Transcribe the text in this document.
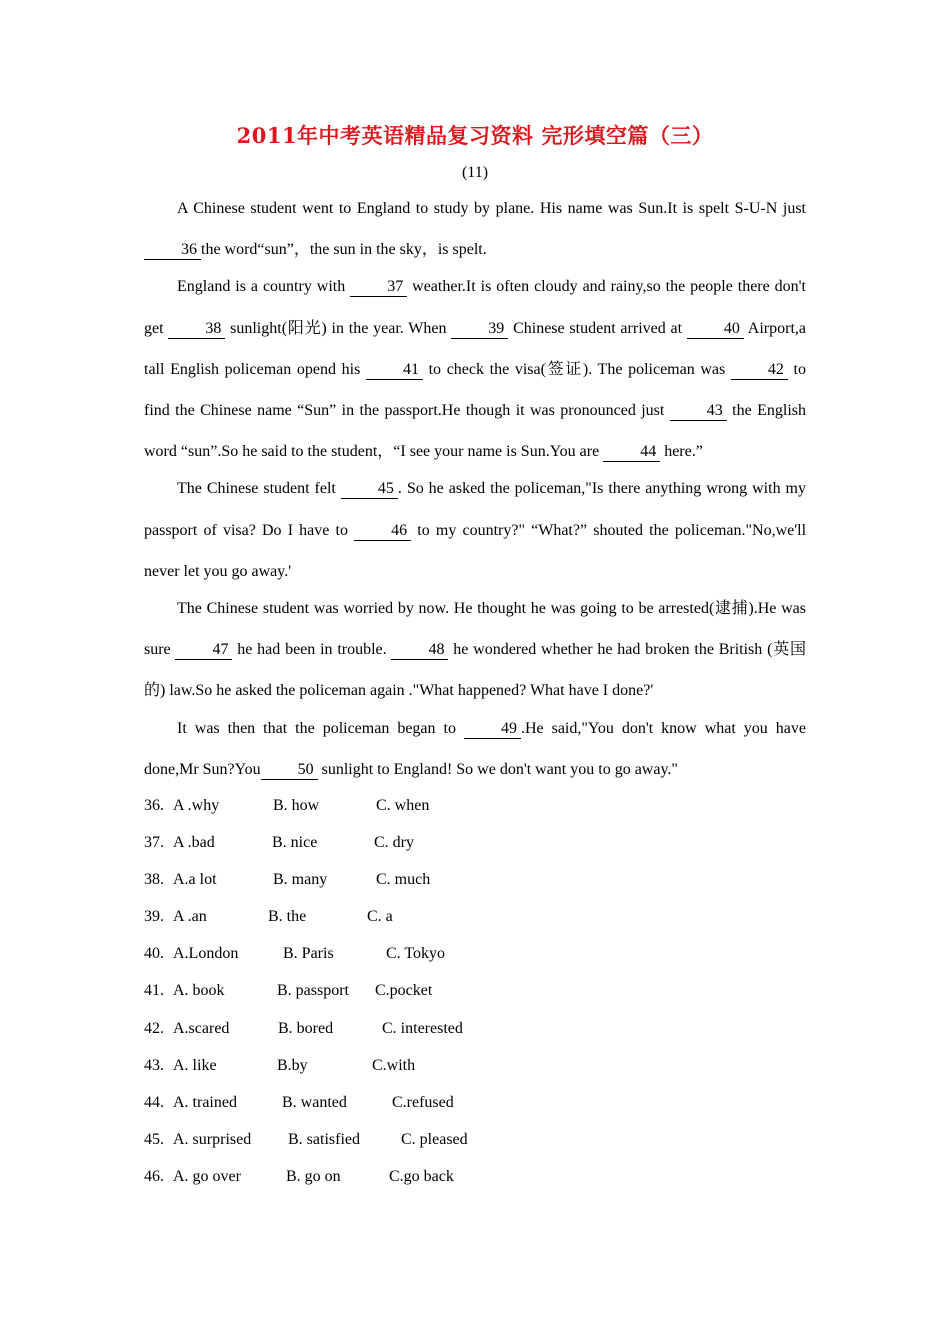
2011年中考英语精品复习资料 完形填空篇（三）
(11)

A Chinese student went to England to study by plane. His name was Sun.It is spelt S-U-N just 36the word“sun”，the sun in the sky，is spelt.

England is a country with 37 weather.It is often cloudy and rainy,so the people there don't get 38 sunlight(阳光) in the year. When 39 Chinese student arrived at 40 Airport,a tall English policeman opend his 41 to check the visa(签证). The policeman was 42 to find the Chinese name “Sun” in the passport.He though it was pronounced just 43 the English word “sun”.So he said to the student，“I see your name is Sun.You are 44 here.”

The Chinese student felt 45 . So he asked the policeman,"Is there anything wrong with my passport of visa? Do I have to 46 to my country?" “What?” shouted the policeman."No,we'll never let you go away.'

The Chinese student was worried by now. He thought he was going to be arrested(逮捕).He was sure 47 he had been in trouble. 48 he wondered whether he had broken the British (英国的) law.So he asked the policeman again ."What happened? What have I done?'

It was then that the policeman began to 49 .He said,"You don't know what you have done,Mr Sun?You 50 sunlight to England! So we don't want you to go away."

36. A .why	B. how	C. when
37. A .bad	B. nice	C. dry
38. A.a lot	B. many	C. much
39. A .an	B. the	C. a
40. A.London	B. Paris	C. Tokyo
41. A. book	B. passport C.pocket
42. A.scared	B. bored	C. interested
43. A. like	B.by	C.with
44. A. trained	B. wanted	C.refused
45. A. surprised B. satisfied	C. pleased
46. A. go over	B. go on	C.go back
